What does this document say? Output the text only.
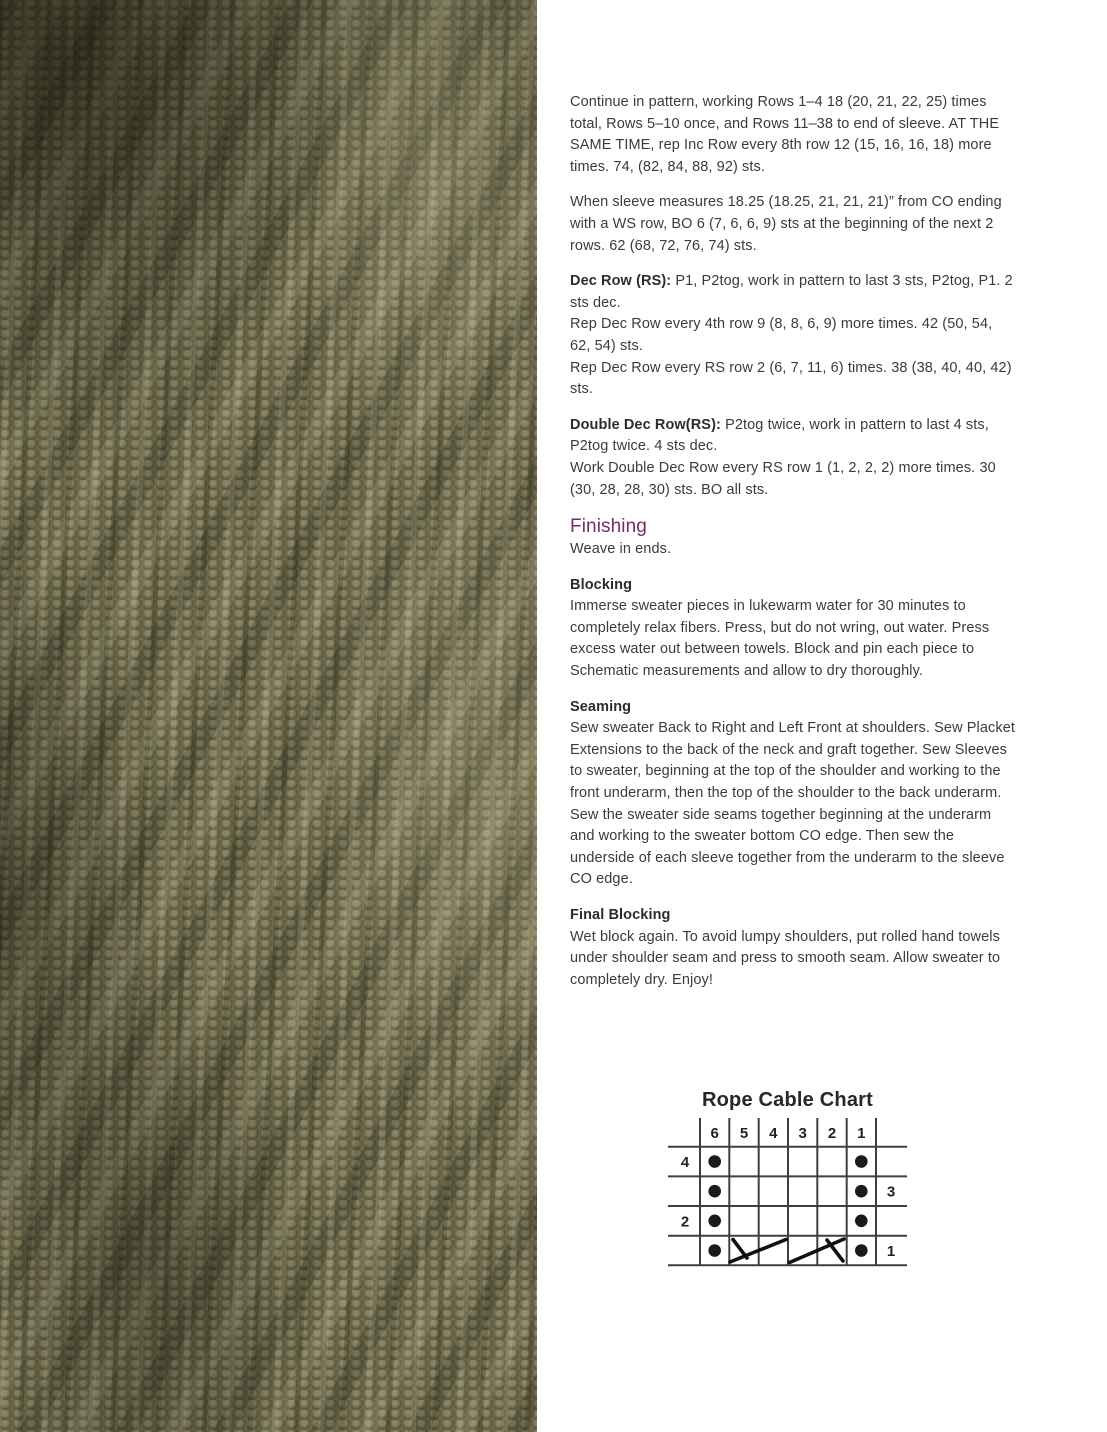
Continue in pattern, working Rows 1–4 18 (20, 21, 22, 25) times total, Rows 5–10 once, and Rows 11–38 to end of sleeve. AT THE SAME TIME, rep Inc Row every 8th row 12 (15, 16, 16, 18) more times. 74, (82, 84, 88, 92) sts.

When sleeve measures 18.25 (18.25, 21, 21, 21)” from CO ending with a WS row, BO 6 (7, 6, 6, 9) sts at the beginning of the next 2 rows. 62 (68, 72, 76, 74) sts.

Dec Row (RS): P1, P2tog, work in pattern to last 3 sts, P2tog, P1. 2 sts dec.
Rep Dec Row every 4th row 9 (8, 8, 6, 9) more times. 42 (50, 54, 62, 54) sts.
Rep Dec Row every RS row 2 (6, 7, 11, 6) times. 38 (38, 40, 40, 42) sts.
Double Dec Row(RS): P2tog twice, work in pattern to last 4 sts, P2tog twice. 4 sts dec.
Work Double Dec Row every RS row 1 (1, 2, 2, 2) more times. 30 (30, 28, 28, 30) sts. BO all sts.
Finishing
Weave in ends.
Blocking
Immerse sweater pieces in lukewarm water for 30 minutes to completely relax fibers. Press, but do not wring, out water. Press excess water out between towels. Block and pin each piece to Schematic measurements and allow to dry thoroughly.
Seaming
Sew sweater Back to Right and Left Front at shoulders. Sew Placket Extensions to the back of the neck and graft together. Sew Sleeves to sweater, beginning at the top of the shoulder and working to the front underarm, then the top of the shoulder to the back underarm. Sew the sweater side seams together beginning at the underarm and working to the sweater bottom CO edge. Then sew the underside of each sleeve together from the underarm to the sleeve CO edge.
Final Blocking
Wet block again. To avoid lumpy shoulders, put rolled hand towels under shoulder seam and press to smooth seam. Allow sweater to completely dry. Enjoy!
Rope Cable Chart
6 5 4 3 2 1
4
2
3
1
